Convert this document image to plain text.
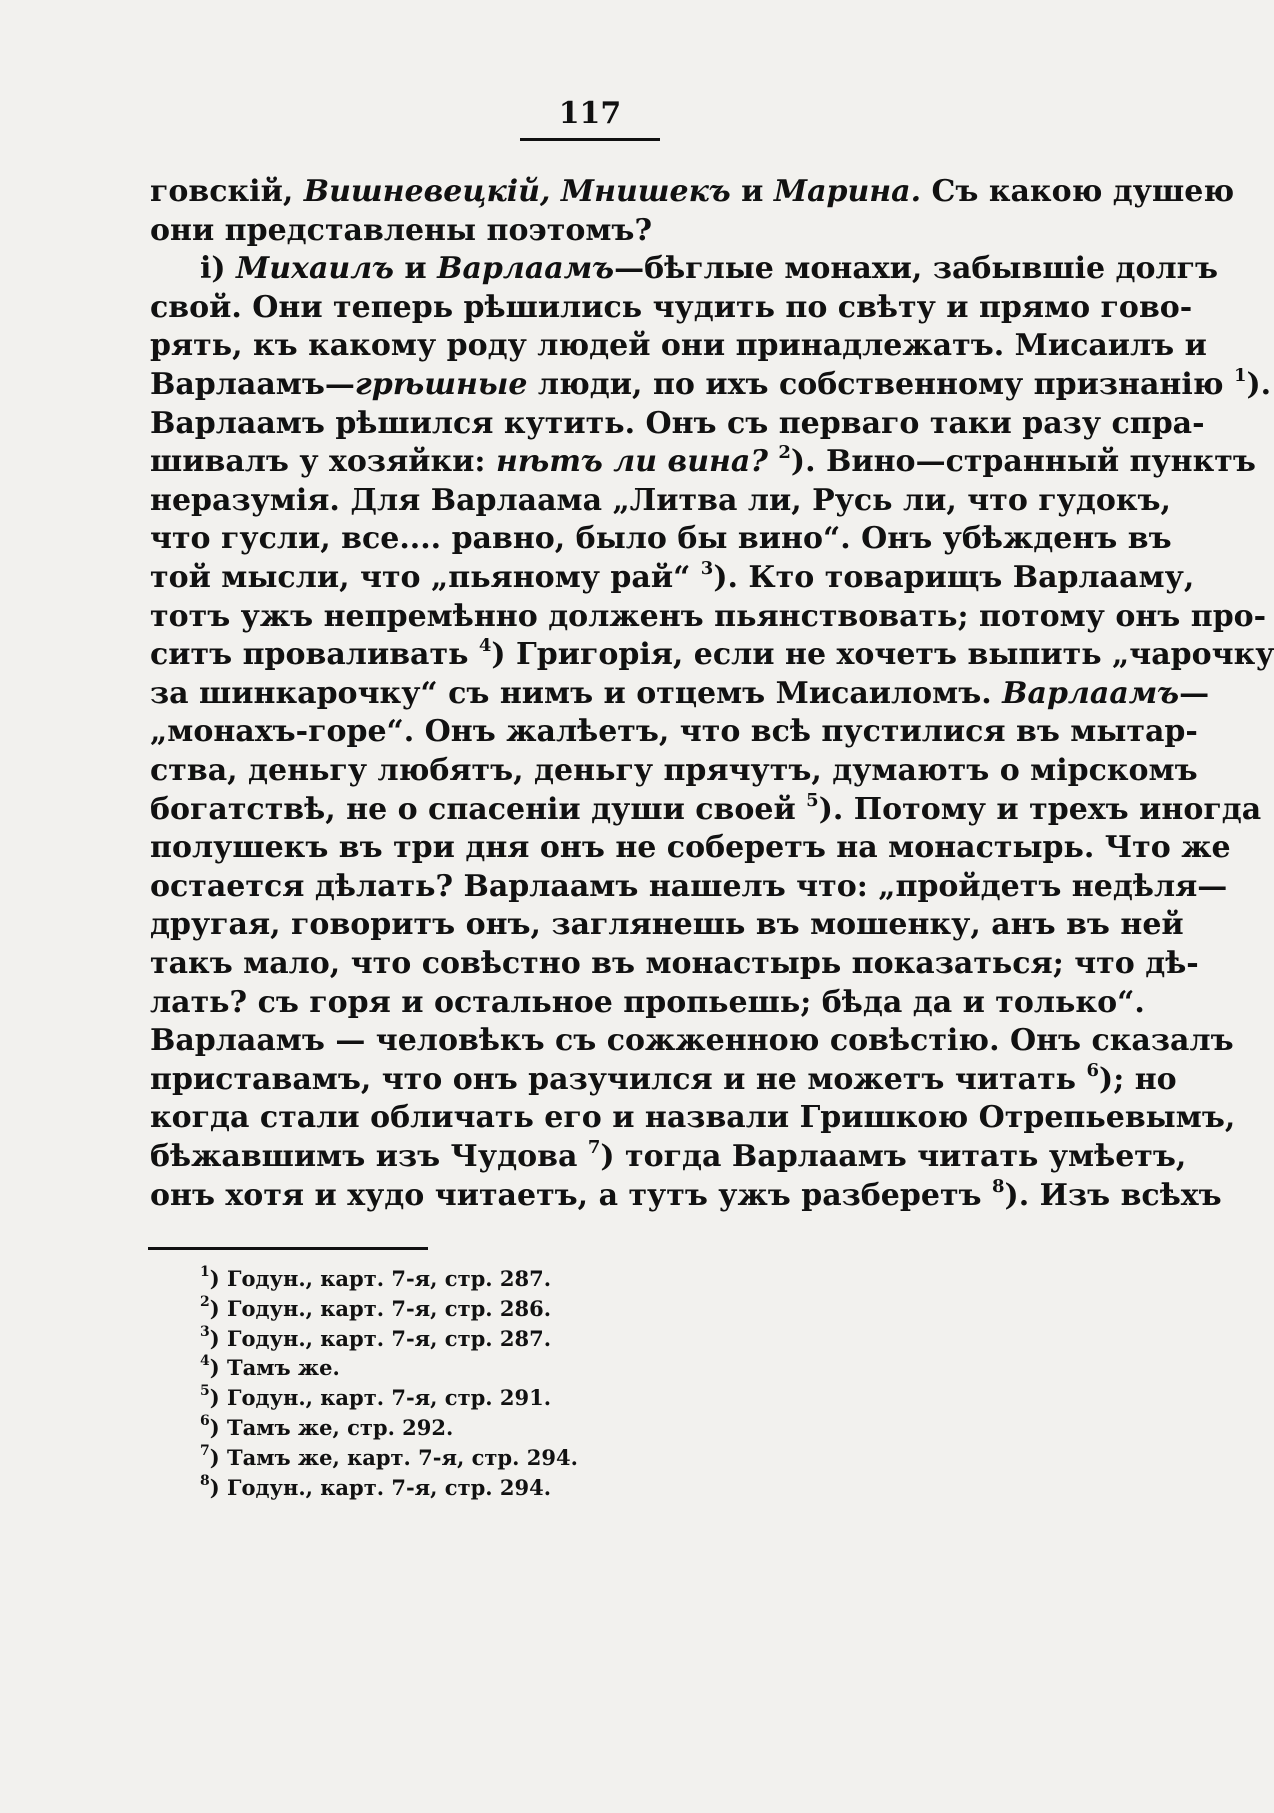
117
говскій, Вишневецкій, Мнишекъ и Марина. Съ какою душею
они представлены поэтомъ?
i) Михаилъ и Варлаамъ—бѣглые монахи, забывшіе долгъ
свой. Они теперь рѣшились чудить по свѣту и прямо гово-
рять, къ какому роду людей они принадлежатъ. Мисаилъ и
Варлаамъ—грѣшные люди, по ихъ собственному признанію $^1$).
Варлаамъ рѣшился кутить. Онъ съ перваго таки разу спра-
шивалъ у хозяйки: нѣтъ ли вина? $^2$). Вино—странный пунктъ
неразумія. Для Варлаама „Литва ли, Русь ли, что гудокъ,
что гусли, все.... равно, было бы вино“. Онъ убѣжденъ въ
той мысли, что „пьяному рай“ $^3$). Кто товарищъ Варлааму,
тотъ ужъ непремѣнно долженъ пьянствовать; потому онъ про-
ситъ проваливать $^4$) Григорія, если не хочетъ выпить „чарочку
за шинкарочку“ съ нимъ и отцемъ Мисаиломъ. Варлаамъ—
„монахъ-горе“. Онъ жалѣетъ, что всѣ пустилися въ мытар-
ства, деньгу любятъ, деньгу прячутъ, думаютъ о мірскомъ
богатствѣ, не о спасеніи души своей $^5$). Потому и трехъ иногда
полушекъ въ три дня онъ не соберетъ на монастырь. Что же
остается дѣлать? Варлаамъ нашелъ что: „пройдетъ недѣля—
другая, говоритъ онъ, заглянешь въ мошенку, анъ въ ней
такъ мало, что совѣстно въ монастырь показаться; что дѣ-
лать? съ горя и остальное пропьешь; бѣда да и только“.
Варлаамъ — человѣкъ съ сожженною совѣстію. Онъ сказалъ
приставамъ, что онъ разучился и не можетъ читать $^6$); но
когда стали обличать его и назвали Гришкою Отрепьевымъ,
бѣжавшимъ изъ Чудова $^7$) тогда Варлаамъ читать умѣетъ,
онъ хотя и худо читаетъ, а тутъ ужъ разберетъ $^8$). Изъ всѣхъ
$^1$) Годун., карт. 7-я, стр. 287.
$^2$) Годун., карт. 7-я, стр. 286.
$^3$) Годун., карт. 7-я, стр. 287.
$^4$) Тамъ же.
$^5$) Годун., карт. 7-я, стр. 291.
$^6$) Тамъ же, стр. 292.
$^7$) Тамъ же, карт. 7-я, стр. 294.
$^8$) Годун., карт. 7-я, стр. 294.
